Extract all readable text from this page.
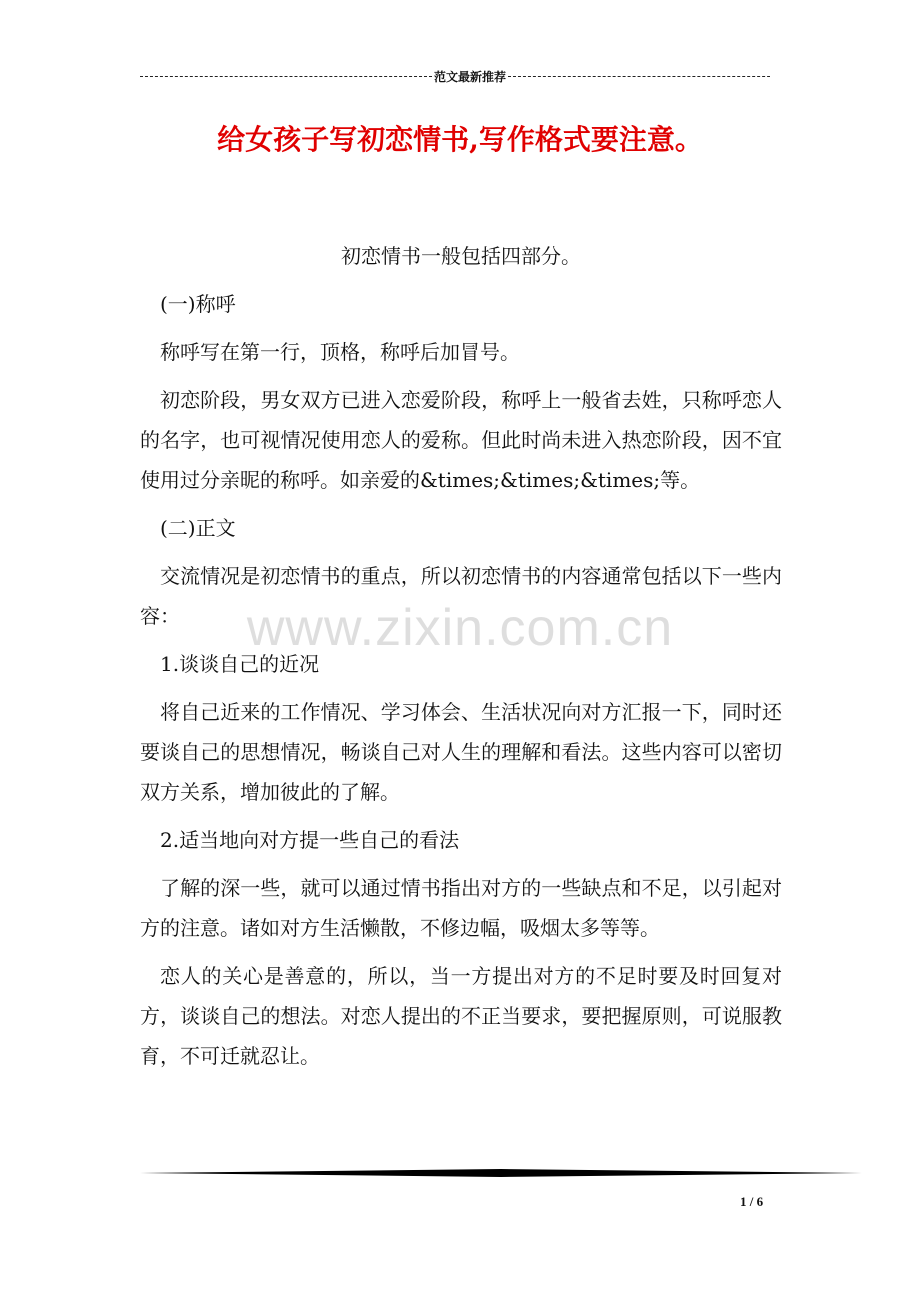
范文最新推荐
给女孩子写初恋情书,写作格式要注意。

初恋情书一般包括四部分。

(一)称呼

称呼写在第一行，顶格，称呼后加冒号。

初恋阶段，男女双方已进入恋爱阶段，称呼上一般省去姓，只称呼恋人的名字，也可视情况使用恋人的爱称。但此时尚未进入热恋阶段，因不宜使用过分亲昵的称呼。如亲爱的&times;&times;&times;等。

(二)正文

交流情况是初恋情书的重点，所以初恋情书的内容通常包括以下一些内容：

1.谈谈自己的近况

将自己近来的工作情况、学习体会、生活状况向对方汇报一下，同时还要谈自己的思想情况，畅谈自己对人生的理解和看法。这些内容可以密切双方关系，增加彼此的了解。

2.适当地向对方提一些自己的看法

了解的深一些，就可以通过情书指出对方的一些缺点和不足，以引起对方的注意。诸如对方生活懒散，不修边幅，吸烟太多等等。

恋人的关心是善意的，所以，当一方提出对方的不足时要及时回复对方，谈谈自己的想法。对恋人提出的不正当要求，要把握原则，可说服教育，不可迁就忍让。

www.zixin.com.cn
1 / 6
